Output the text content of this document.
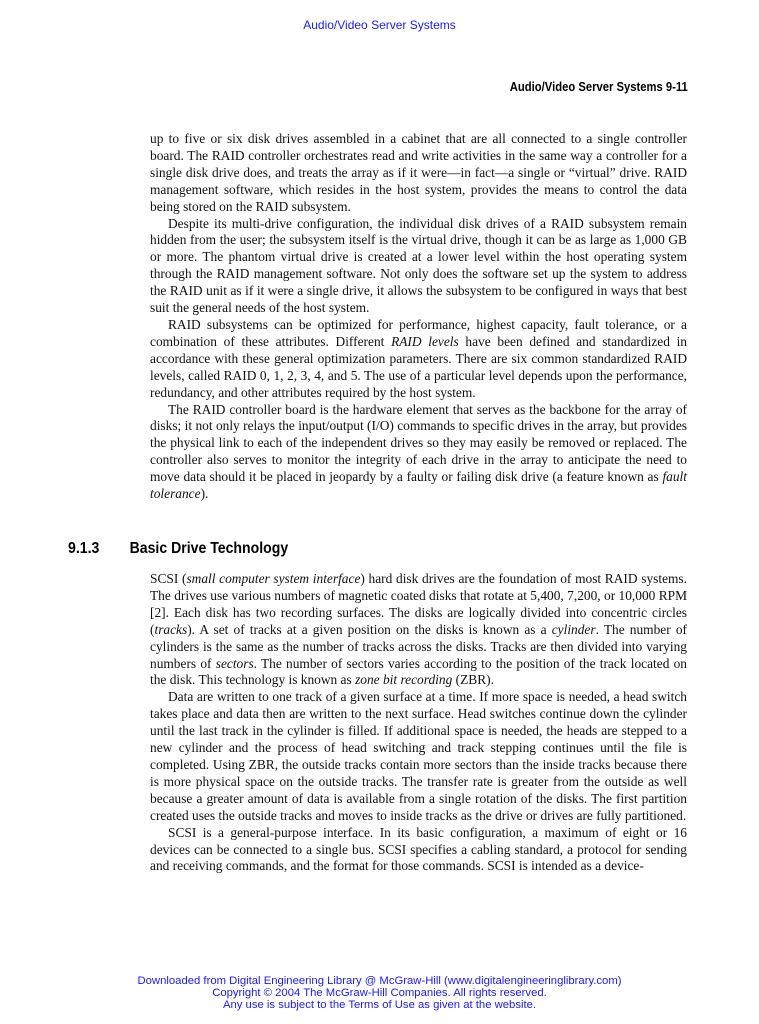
Audio/Video Server Systems
Audio/Video Server Systems 9-11

up to five or six disk drives assembled in a cabinet that are all connected to a single controller board. The RAID controller orchestrates read and write activities in the same way a controller for a single disk drive does, and treats the array as if it were—in fact—a single or “virtual” drive. RAID management software, which resides in the host system, provides the means to control the data being stored on the RAID subsystem.

Despite its multi-drive configuration, the individual disk drives of a RAID subsystem remain hidden from the user; the subsystem itself is the virtual drive, though it can be as large as 1,000 GB or more. The phantom virtual drive is created at a lower level within the host operating system through the RAID management software. Not only does the software set up the system to address the RAID unit as if it were a single drive, it allows the subsystem to be configured in ways that best suit the general needs of the host system.

RAID subsystems can be optimized for performance, highest capacity, fault tolerance, or a combination of these attributes. Different RAID levels have been defined and standardized in accordance with these general optimization parameters. There are six common standardized RAID levels, called RAID 0, 1, 2, 3, 4, and 5. The use of a particular level depends upon the performance, redundancy, and other attributes required by the host system.

The RAID controller board is the hardware element that serves as the backbone for the array of disks; it not only relays the input/output (I/O) commands to specific drives in the array, but provides the physical link to each of the independent drives so they may easily be removed or replaced. The controller also serves to monitor the integrity of each drive in the array to anticipate the need to move data should it be placed in jeopardy by a faulty or failing disk drive (a feature known as fault tolerance).

9.1.3 Basic Drive Technology

SCSI (small computer system interface) hard disk drives are the foundation of most RAID systems. The drives use various numbers of magnetic coated disks that rotate at 5,400, 7,200, or 10,000 RPM [2]. Each disk has two recording surfaces. The disks are logically divided into concentric circles (tracks). A set of tracks at a given position on the disks is known as a cylinder. The number of cylinders is the same as the number of tracks across the disks. Tracks are then divided into varying numbers of sectors. The number of sectors varies according to the position of the track located on the disk. This technology is known as zone bit recording (ZBR).

Data are written to one track of a given surface at a time. If more space is needed, a head switch takes place and data then are written to the next surface. Head switches continue down the cylinder until the last track in the cylinder is filled. If additional space is needed, the heads are stepped to a new cylinder and the process of head switching and track stepping continues until the file is completed. Using ZBR, the outside tracks contain more sectors than the inside tracks because there is more physical space on the outside tracks. The transfer rate is greater from the outside as well because a greater amount of data is available from a single rotation of the disks. The first partition created uses the outside tracks and moves to inside tracks as the drive or drives are fully partitioned.

SCSI is a general-purpose interface. In its basic configuration, a maximum of eight or 16 devices can be connected to a single bus. SCSI specifies a cabling standard, a protocol for sending and receiving commands, and the format for those commands. SCSI is intended as a device-

Downloaded from Digital Engineering Library @ McGraw-Hill (www.digitalengineeringlibrary.com)
Copyright © 2004 The McGraw-Hill Companies. All rights reserved.
Any use is subject to the Terms of Use as given at the website.
